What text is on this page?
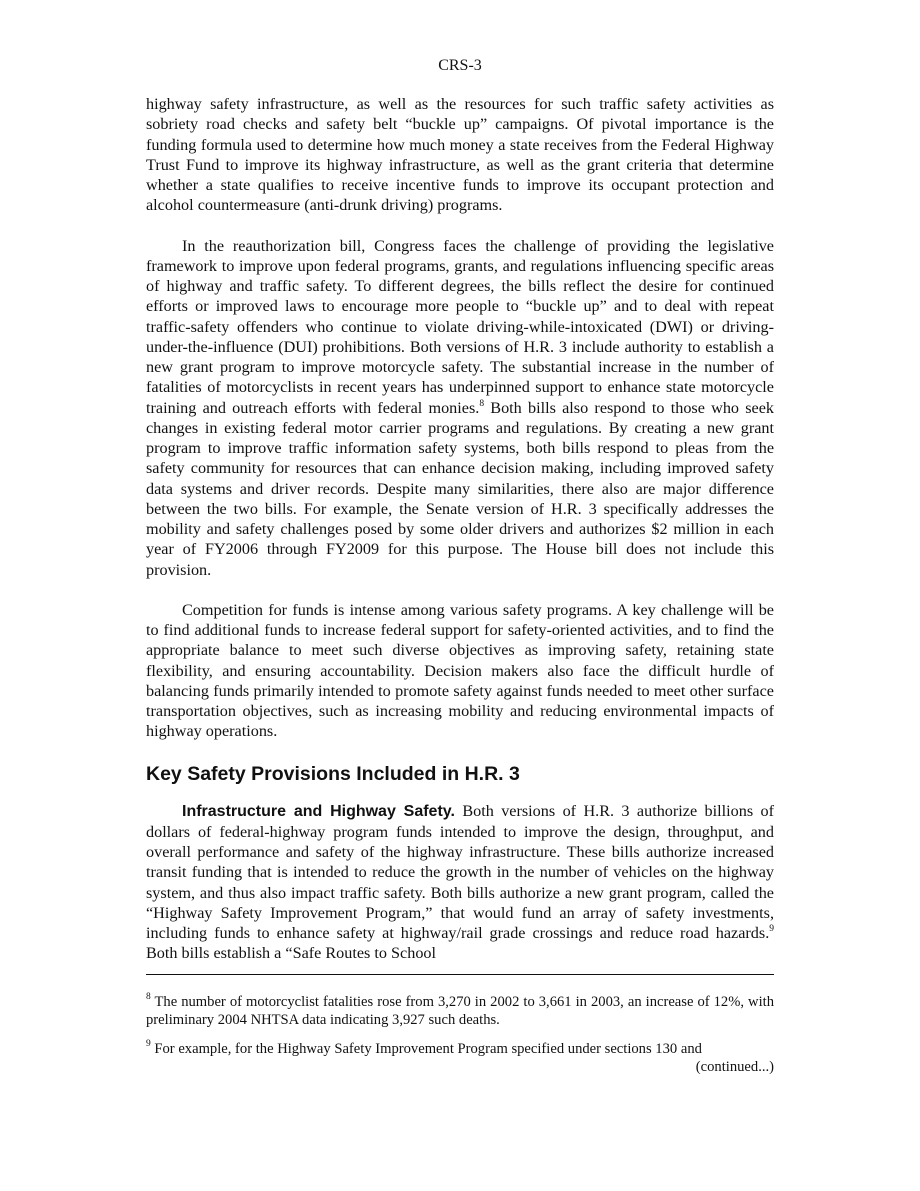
CRS-3

highway safety infrastructure, as well as the resources for such traffic safety activities as sobriety road checks and safety belt “buckle up” campaigns. Of pivotal importance is the funding formula used to determine how much money a state receives from the Federal Highway Trust Fund to improve its highway infrastructure, as well as the grant criteria that determine whether a state qualifies to receive incentive funds to improve its occupant protection and alcohol countermeasure (anti-drunk driving) programs.

In the reauthorization bill, Congress faces the challenge of providing the legislative framework to improve upon federal programs, grants, and regulations influencing specific areas of highway and traffic safety. To different degrees, the bills reflect the desire for continued efforts or improved laws to encourage more people to “buckle up” and to deal with repeat traffic-safety offenders who continue to violate driving-while-intoxicated (DWI) or driving-under-the-influence (DUI) prohibitions. Both versions of H.R. 3 include authority to establish a new grant program to improve motorcycle safety. The substantial increase in the number of fatalities of motorcyclists in recent years has underpinned support to enhance state motorcycle training and outreach efforts with federal monies.$^8$ Both bills also respond to those who seek changes in existing federal motor carrier programs and regulations. By creating a new grant program to improve traffic information safety systems, both bills respond to pleas from the safety community for resources that can enhance decision making, including improved safety data systems and driver records. Despite many similarities, there also are major difference between the two bills. For example, the Senate version of H.R. 3 specifically addresses the mobility and safety challenges posed by some older drivers and authorizes $2 million in each year of FY2006 through FY2009 for this purpose. The House bill does not include this provision.

Competition for funds is intense among various safety programs. A key challenge will be to find additional funds to increase federal support for safety-oriented activities, and to find the appropriate balance to meet such diverse objectives as improving safety, retaining state flexibility, and ensuring accountability. Decision makers also face the difficult hurdle of balancing funds primarily intended to promote safety against funds needed to meet other surface transportation objectives, such as increasing mobility and reducing environmental impacts of highway operations.

Key Safety Provisions Included in H.R. 3

Infrastructure and Highway Safety. Both versions of H.R. 3 authorize billions of dollars of federal-highway program funds intended to improve the design, throughput, and overall performance and safety of the highway infrastructure. These bills authorize increased transit funding that is intended to reduce the growth in the number of vehicles on the highway system, and thus also impact traffic safety. Both bills authorize a new grant program, called the “Highway Safety Improvement Program,” that would fund an array of safety investments, including funds to enhance safety at highway/rail grade crossings and reduce road hazards.$^9$ Both bills establish a “Safe Routes to School

$^8$ The number of motorcyclist fatalities rose from 3,270 in 2002 to 3,661 in 2003, an increase of 12%, with preliminary 2004 NHTSA data indicating 3,927 such deaths.

$^9$ For example, for the Highway Safety Improvement Program specified under sections 130 and

(continued...)
